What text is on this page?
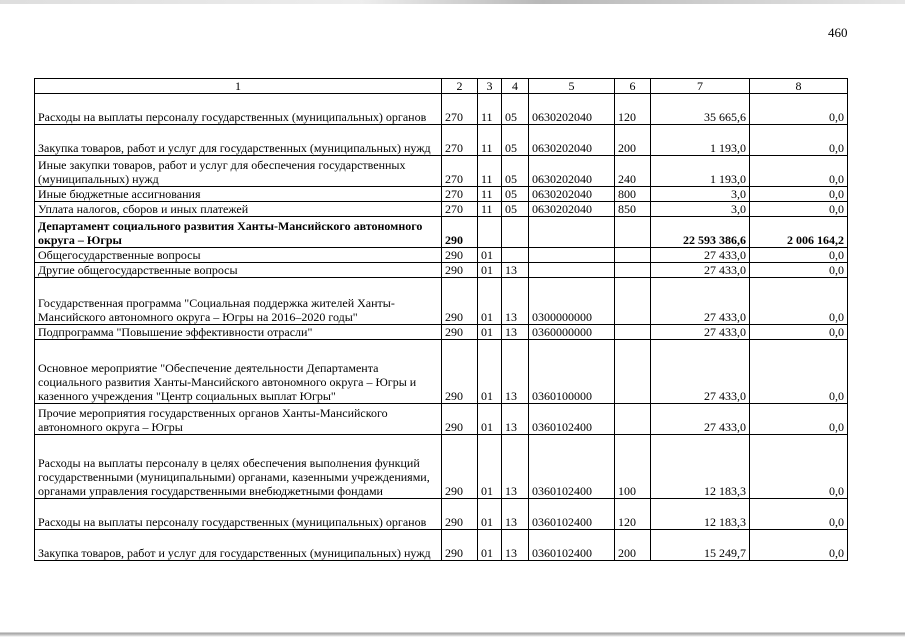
460
1	2	3	4	5	6	7	8
Расходы на выплаты персоналу государственных (муниципальных) органов	270	11	05	0630202040	120	35 665,6	0,0
Закупка товаров, работ и услуг для государственных (муниципальных) нужд	270	11	05	0630202040	200	1 193,0	0,0
Иные закупки товаров, работ и услуг для обеспечения государственных (муниципальных) нужд	270	11	05	0630202040	240	1 193,0	0,0
Иные бюджетные ассигнования	270	11	05	0630202040	800	3,0	0,0
Уплата налогов, сборов и иных платежей	270	11	05	0630202040	850	3,0	0,0
Департамент социального развития Ханты-Мансийского автономного округа – Югры	290					22 593 386,6	2 006 164,2
Общегосударственные вопросы	290	01				27 433,0	0,0
Другие общегосударственные вопросы	290	01	13			27 433,0	0,0
Государственная программа "Социальная поддержка жителей Ханты-Мансийского автономного округа – Югры на 2016–2020 годы"	290	01	13	0300000000		27 433,0	0,0
Подпрограмма "Повышение эффективности отрасли"	290	01	13	0360000000		27 433,0	0,0
Основное мероприятие "Обеспечение деятельности Департамента социального развития Ханты-Мансийского автономного округа – Югры и казенного учреждения "Центр социальных выплат Югры"	290	01	13	0360100000		27 433,0	0,0
Прочие мероприятия государственных органов Ханты-Мансийского автономного округа – Югры	290	01	13	0360102400		27 433,0	0,0
Расходы на выплаты персоналу в целях обеспечения выполнения функций государственными (муниципальными) органами, казенными учреждениями, органами управления государственными внебюджетными фондами	290	01	13	0360102400	100	12 183,3	0,0
Расходы на выплаты персоналу государственных (муниципальных) органов	290	01	13	0360102400	120	12 183,3	0,0
Закупка товаров, работ и услуг для государственных (муниципальных) нужд	290	01	13	0360102400	200	15 249,7	0,0
